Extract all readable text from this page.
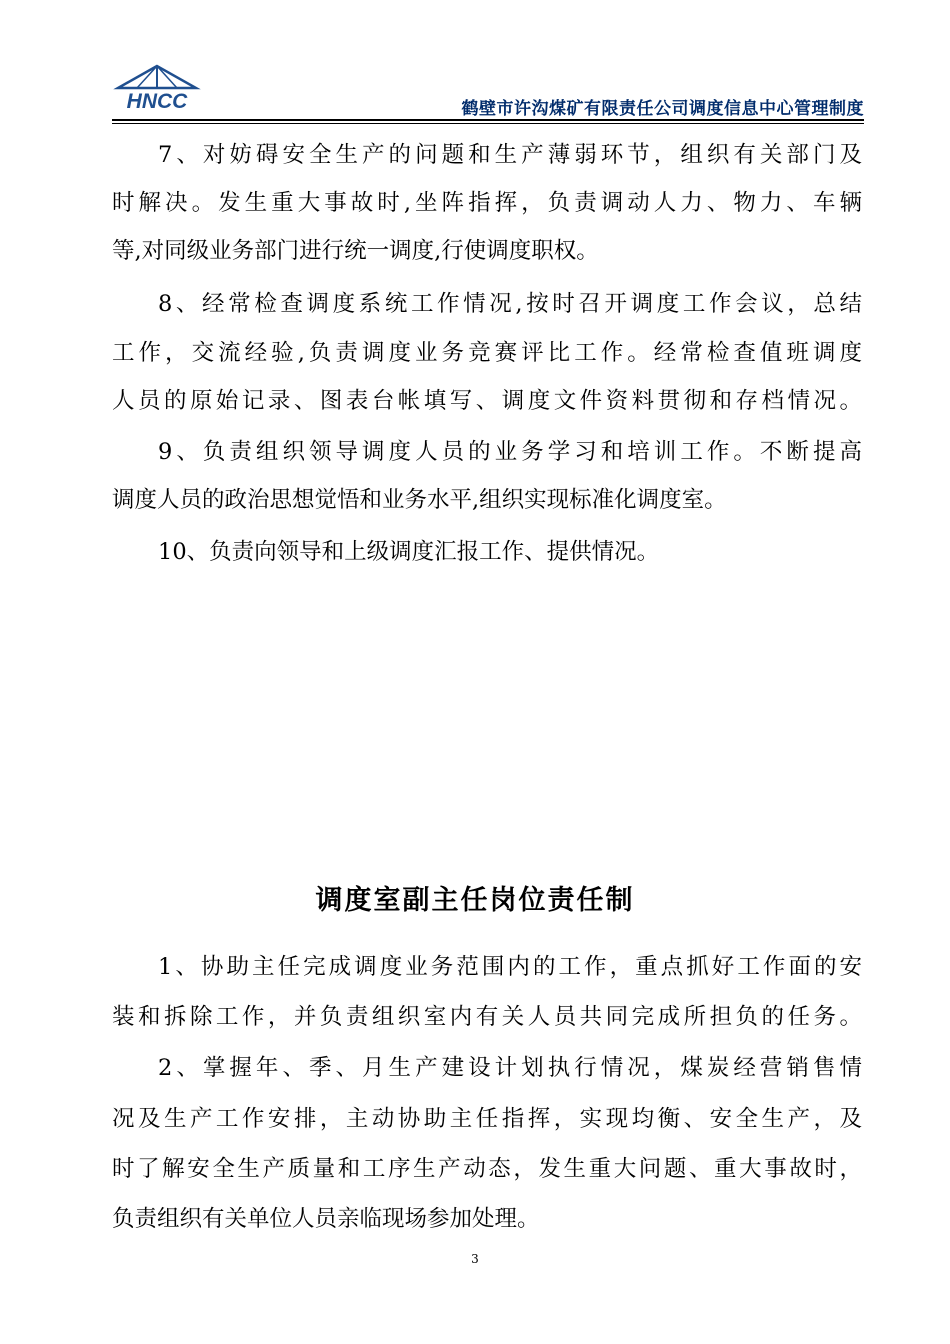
HNCC	鹤壁市许沟煤矿有限责任公司调度信息中心管理制度
7、对妨碍安全生产的问题和生产薄弱环节，组织有关部门及
时解决。发生重大事故时,坐阵指挥，负责调动人力、物力、车辆
等,对同级业务部门进行统一调度,行使调度职权。
8、经常检查调度系统工作情况,按时召开调度工作会议，总结
工作，交流经验,负责调度业务竞赛评比工作。经常检查值班调度
人员的原始记录、图表台帐填写、调度文件资料贯彻和存档情况。
9、负责组织领导调度人员的业务学习和培训工作。不断提高
调度人员的政治思想觉悟和业务水平,组织实现标准化调度室。
10、负责向领导和上级调度汇报工作、提供情况。
调度室副主任岗位责任制
1、协助主任完成调度业务范围内的工作，重点抓好工作面的安
装和拆除工作，并负责组织室内有关人员共同完成所担负的任务。
2、掌握年、季、月生产建设计划执行情况，煤炭经营销售情
况及生产工作安排，主动协助主任指挥，实现均衡、安全生产，及
时了解安全生产质量和工序生产动态，发生重大问题、重大事故时，
负责组织有关单位人员亲临现场参加处理。
3
